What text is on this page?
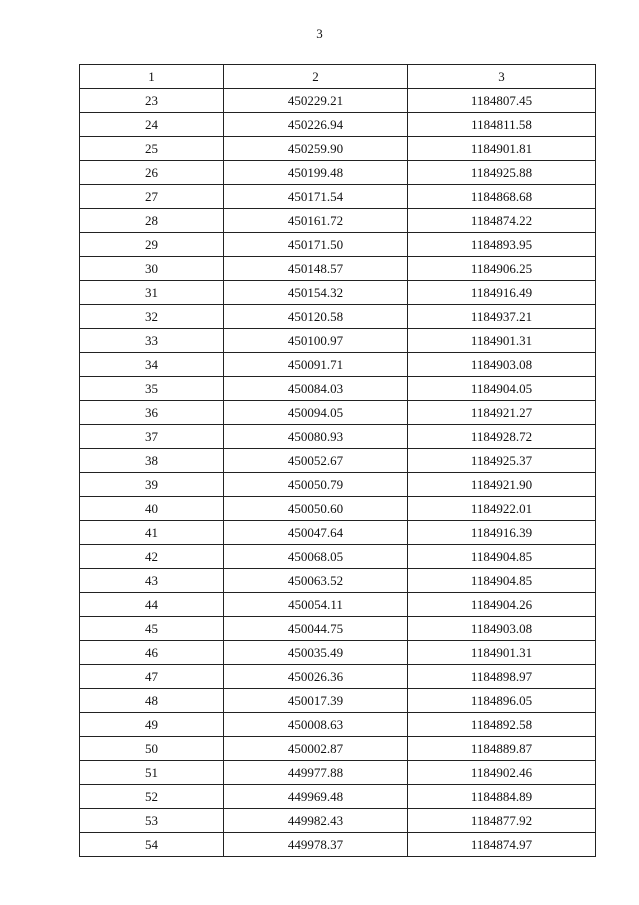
3
1	2	3
23	450229.21	1184807.45
24	450226.94	1184811.58
25	450259.90	1184901.81
26	450199.48	1184925.88
27	450171.54	1184868.68
28	450161.72	1184874.22
29	450171.50	1184893.95
30	450148.57	1184906.25
31	450154.32	1184916.49
32	450120.58	1184937.21
33	450100.97	1184901.31
34	450091.71	1184903.08
35	450084.03	1184904.05
36	450094.05	1184921.27
37	450080.93	1184928.72
38	450052.67	1184925.37
39	450050.79	1184921.90
40	450050.60	1184922.01
41	450047.64	1184916.39
42	450068.05	1184904.85
43	450063.52	1184904.85
44	450054.11	1184904.26
45	450044.75	1184903.08
46	450035.49	1184901.31
47	450026.36	1184898.97
48	450017.39	1184896.05
49	450008.63	1184892.58
50	450002.87	1184889.87
51	449977.88	1184902.46
52	449969.48	1184884.89
53	449982.43	1184877.92
54	449978.37	1184874.97
